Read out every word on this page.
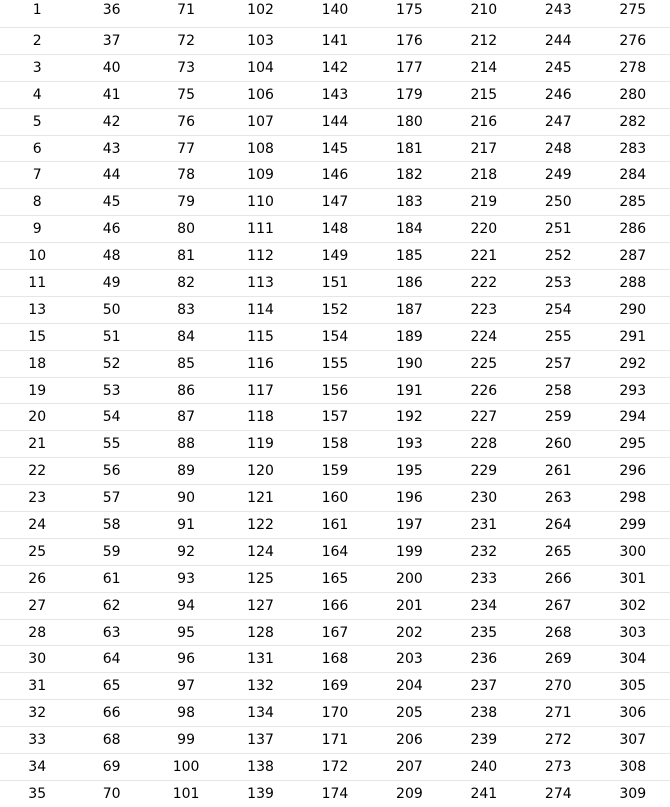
1	36	71	102	140	175	210	243	275
2	37	72	103	141	176	212	244	276
3	40	73	104	142	177	214	245	278
4	41	75	106	143	179	215	246	280
5	42	76	107	144	180	216	247	282
6	43	77	108	145	181	217	248	283
7	44	78	109	146	182	218	249	284
8	45	79	110	147	183	219	250	285
9	46	80	111	148	184	220	251	286
10	48	81	112	149	185	221	252	287
11	49	82	113	151	186	222	253	288
13	50	83	114	152	187	223	254	290
15	51	84	115	154	189	224	255	291
18	52	85	116	155	190	225	257	292
19	53	86	117	156	191	226	258	293
20	54	87	118	157	192	227	259	294
21	55	88	119	158	193	228	260	295
22	56	89	120	159	195	229	261	296
23	57	90	121	160	196	230	263	298
24	58	91	122	161	197	231	264	299
25	59	92	124	164	199	232	265	300
26	61	93	125	165	200	233	266	301
27	62	94	127	166	201	234	267	302
28	63	95	128	167	202	235	268	303
30	64	96	131	168	203	236	269	304
31	65	97	132	169	204	237	270	305
32	66	98	134	170	205	238	271	306
33	68	99	137	171	206	239	272	307
34	69	100	138	172	207	240	273	308
35	70	101	139	174	209	241	274	309
